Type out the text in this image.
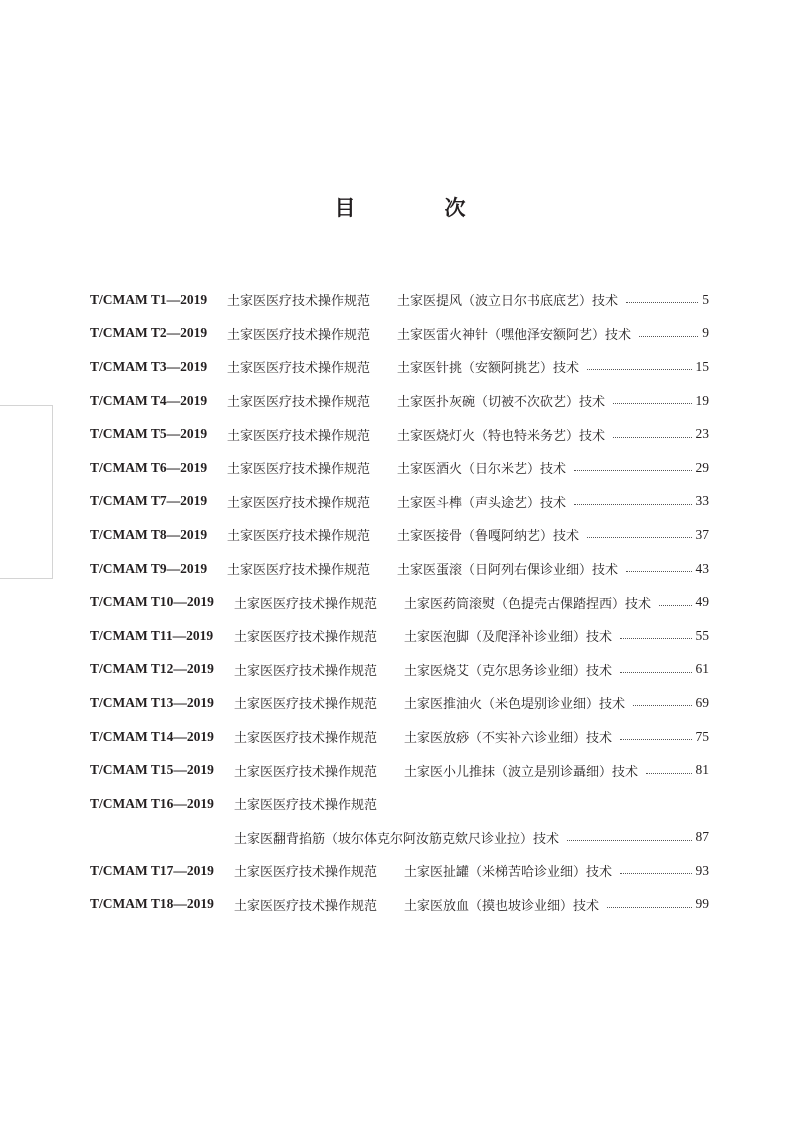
目　次
T/CMAM T1—2019	土家医医疗技术操作规范	土家医提风（波立日尔书底底艺）技术	5
T/CMAM T2—2019	土家医医疗技术操作规范	土家医雷火神针（嘿他泽安额阿艺）技术	9
T/CMAM T3—2019	土家医医疗技术操作规范	土家医针挑（安额阿挑艺）技术	15
T/CMAM T4—2019	土家医医疗技术操作规范	土家医扑灰碗（切被不次砍艺）技术	19
T/CMAM T5—2019	土家医医疗技术操作规范	土家医烧灯火（特也特米务艺）技术	23
T/CMAM T6—2019	土家医医疗技术操作规范	土家医酒火（日尔米艺）技术	29
T/CMAM T7—2019	土家医医疗技术操作规范	土家医斗榫（声头途艺）技术	33
T/CMAM T8—2019	土家医医疗技术操作规范	土家医接骨（鲁嘎阿纳艺）技术	37
T/CMAM T9—2019	土家医医疗技术操作规范	土家医蛋滚（日阿列右倮诊业细）技术	43
T/CMAM T10—2019	土家医医疗技术操作规范	土家医药筒滚熨（色提壳古倮踏捏西）技术	49
T/CMAM T11—2019	土家医医疗技术操作规范	土家医泡脚（及爬泽补诊业细）技术	55
T/CMAM T12—2019	土家医医疗技术操作规范	土家医烧艾（克尔思务诊业细）技术	61
T/CMAM T13—2019	土家医医疗技术操作规范	土家医推油火（米色堤别诊业细）技术	69
T/CMAM T14—2019	土家医医疗技术操作规范	土家医放痧（不实补六诊业细）技术	75
T/CMAM T15—2019	土家医医疗技术操作规范	土家医小儿推抹（波立是别诊聶细）技术	81
T/CMAM T16—2019	土家医医疗技术操作规范
土家医翻背掐筋（坡尔体克尔阿汝筋克欸尺诊业拉）技术	87
T/CMAM T17—2019	土家医医疗技术操作规范	土家医扯罐（米梯苦哈诊业细）技术	93
T/CMAM T18—2019	土家医医疗技术操作规范	土家医放血（摸也坡诊业细）技术	99
